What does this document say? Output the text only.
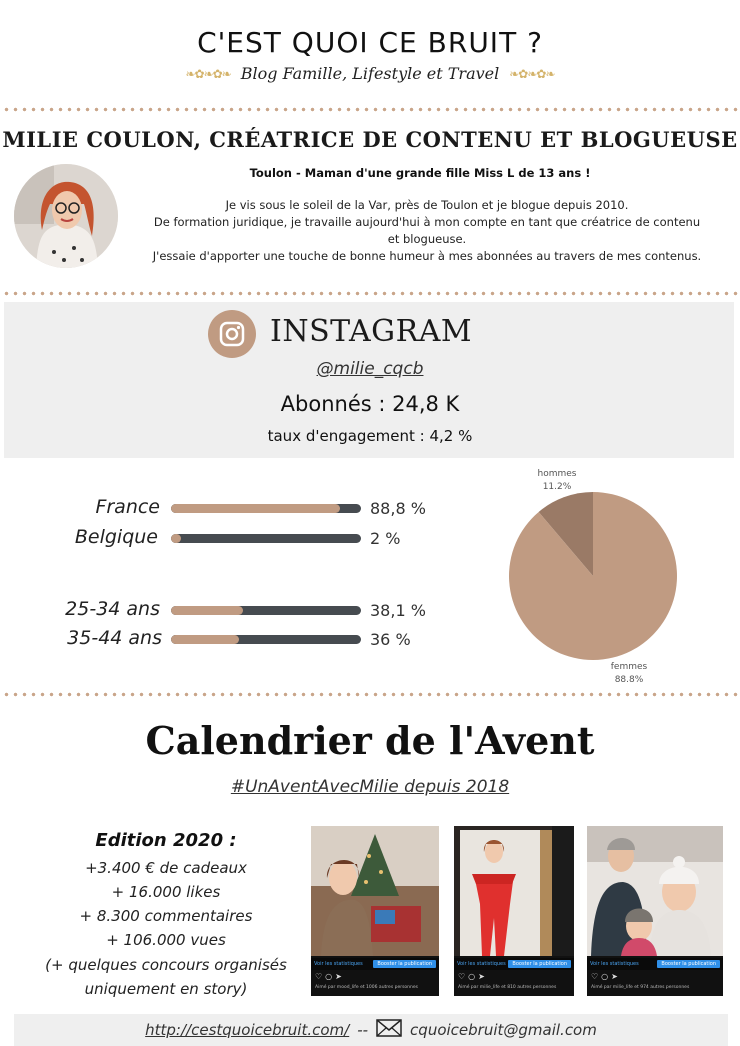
C'EST QUOI CE BRUIT ?
❧✿❧✿❧ Blog Famille, Lifestyle et Travel ❧✿❧✿❧
MILIE COULON, CRÉATRICE DE CONTENU ET BLOGUEUSE
Toulon - Maman d'une grande fille Miss L de 13 ans !

Je vis sous le soleil de la Var, près de Toulon et je blogue depuis 2010.

De formation juridique, je travaille aujourd'hui à mon compte en tant que créatrice de contenu

et blogueuse.

J'essaie d'apporter une touche de bonne humeur à mes abonnées au travers de mes contenus.

INSTAGRAM
@milie_cqcb
Abonnés : 24,8 K
taux d'engagement : 4,2 %
France	88,8 %
Belgique	2 %
25-34 ans	38,1 %
35-44 ans	36 %
hommes
11.2%
femmes
88.8%
Calendrier de l'Avent
#UnAventAvecMilie depuis 2018
Edition 2020 :
+3.400 € de cadeaux
+ 16.000 likes
+ 8.300 commentaires
+ 106.000 vues
(+ quelques concours organisés
uniquement en story)
Voir les statistiques	Booster la publication
♡○➤
Aimé par mood_life et 1006 autres personnes
Voir les statistiques	Booster la publication
♡○➤
Aimé par milie_life et 810 autres personnes
Voir les statistiques	Booster la publication
♡○➤
Aimé par milie_life et 974 autres personnes
http://cestquoicebruit.com/ --	cquoicebruit@gmail.com
